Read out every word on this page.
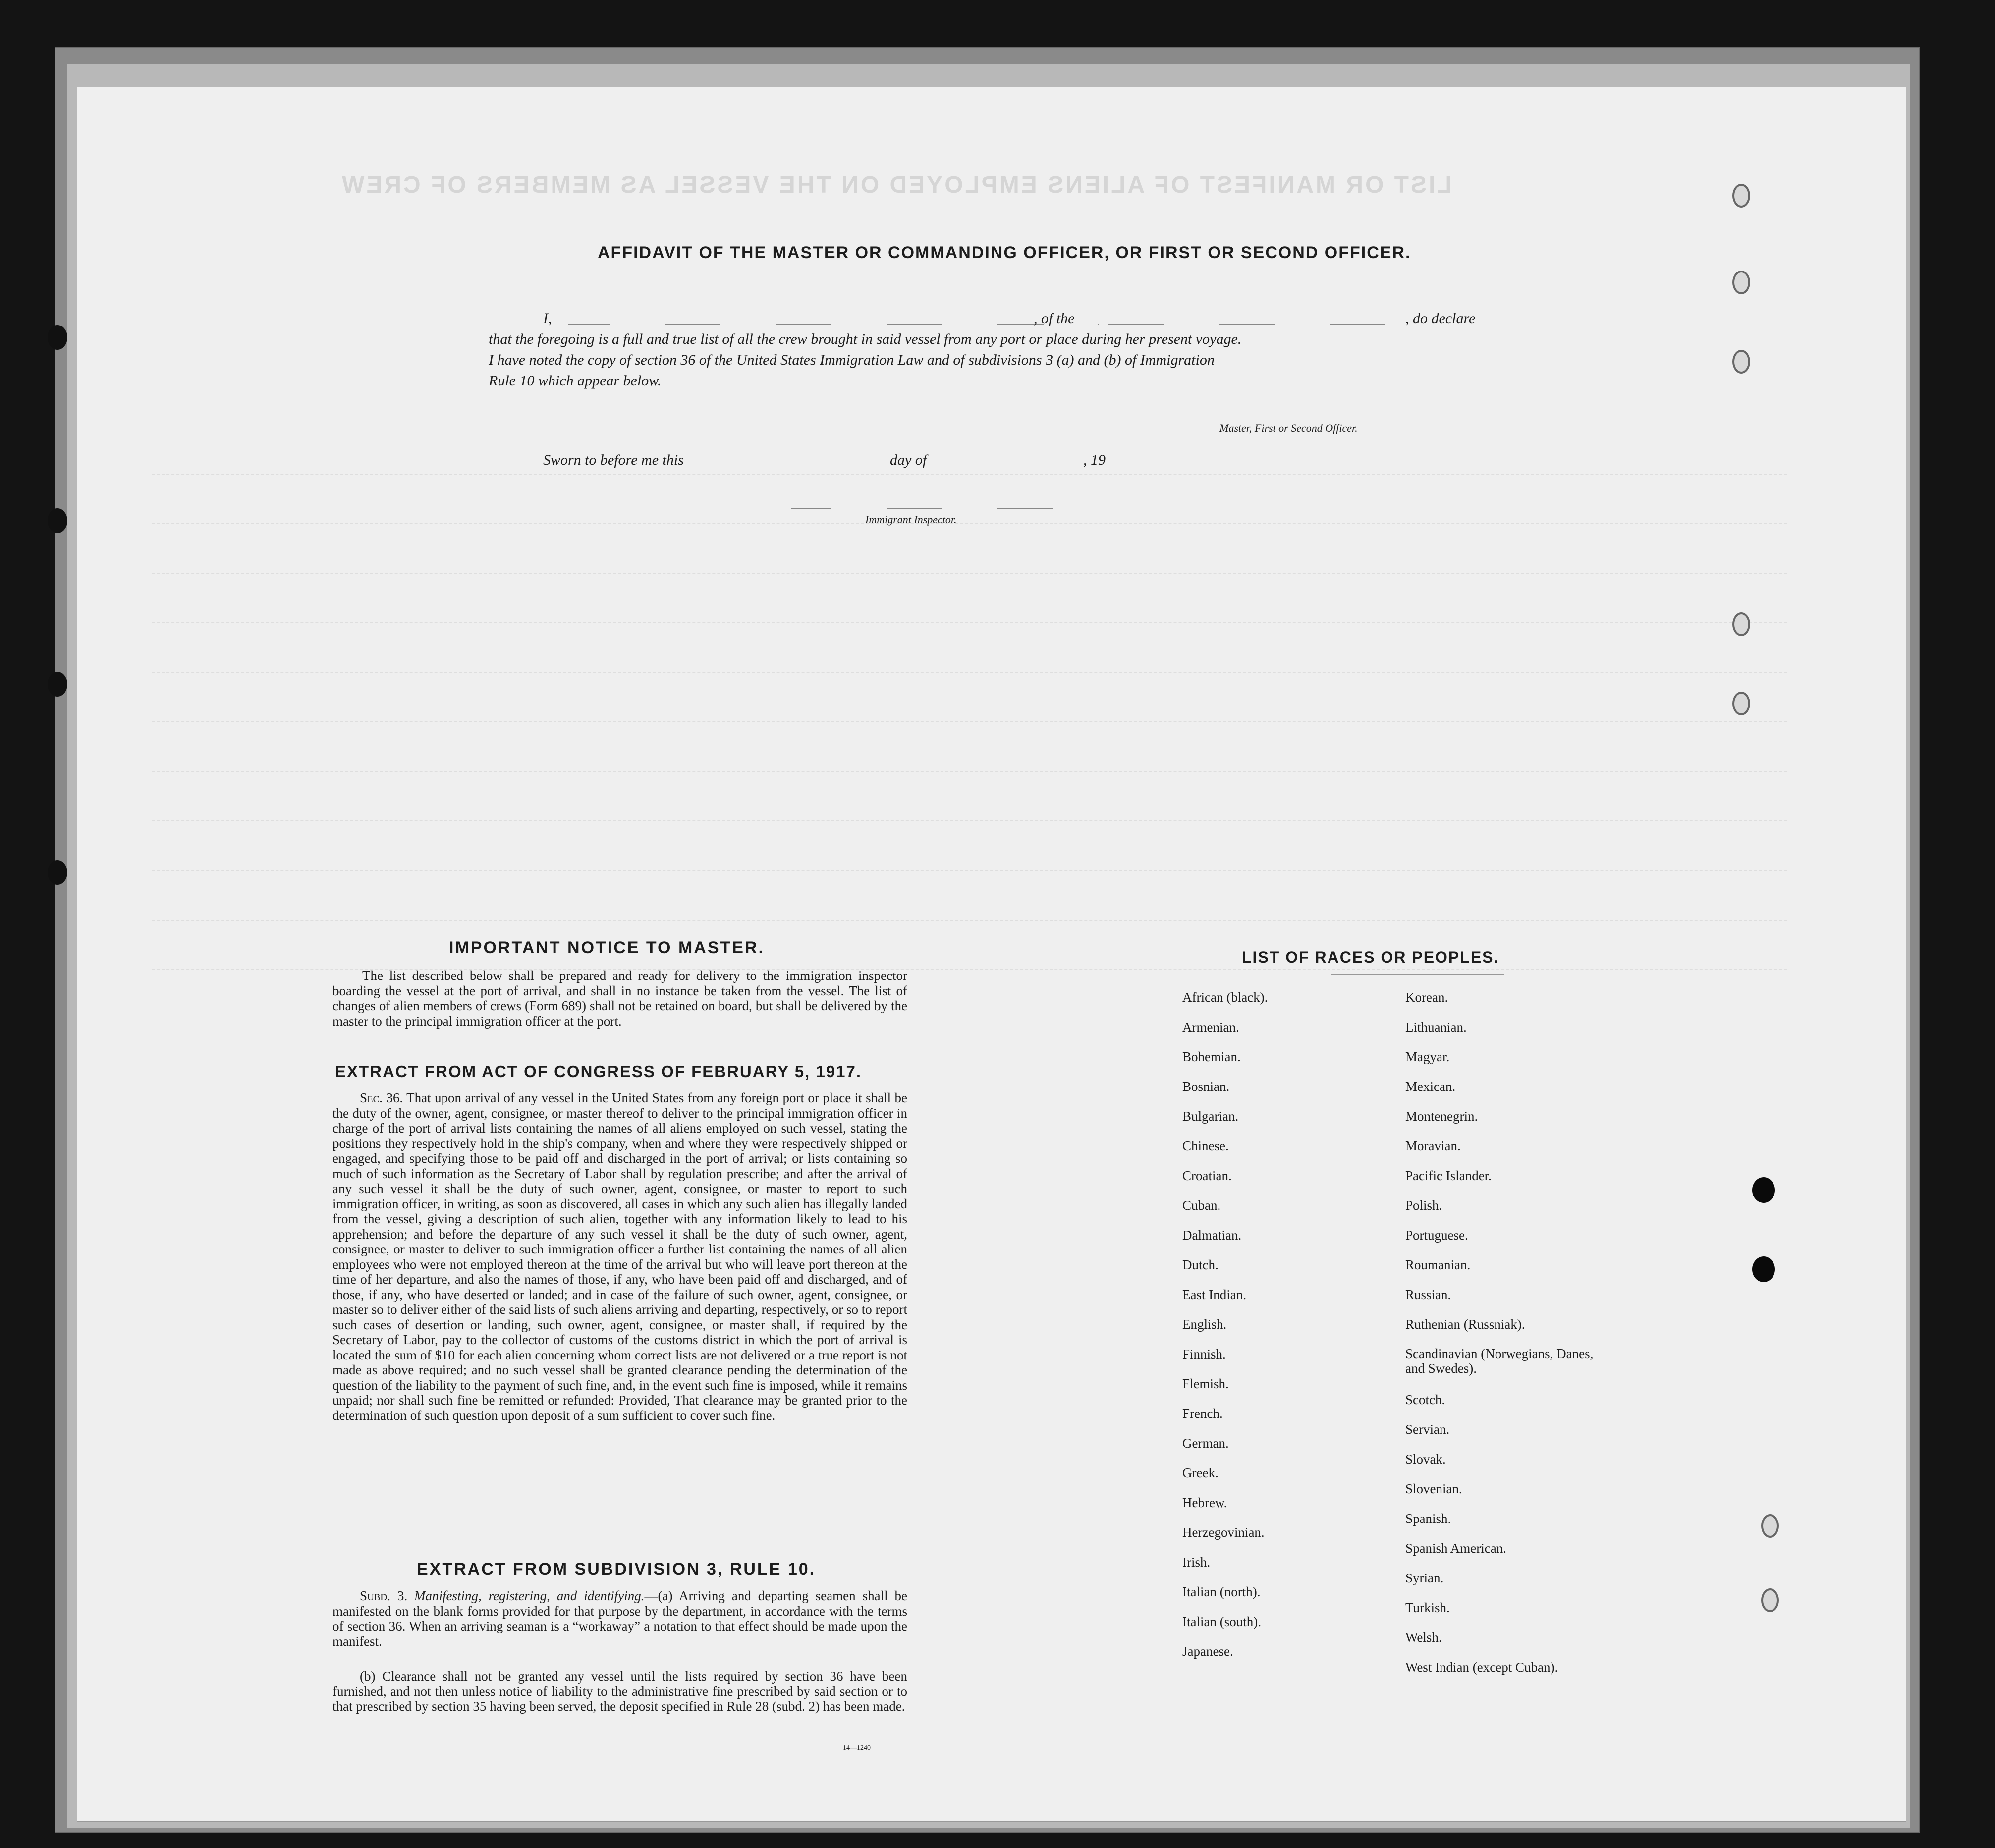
LIST OR MANIFEST OF ALIENS EMPLOYED ON THE VESSEL AS MEMBERS OF CREW
AFFIDAVIT OF THE MASTER OR COMMANDING OFFICER, OR FIRST OR SECOND OFFICER.
I,	, of the	, do declare
that the foregoing is a full and true list of all the crew brought in said vessel from any port or place during her present voyage.
I have noted the copy of section 36 of the United States Immigration Law and of subdivisions 3 (a) and (b) of Immigration
Rule 10 which appear below.
Master, First or Second Officer.
Sworn to before me this	day of	, 19
Immigrant Inspector.
IMPORTANT NOTICE TO MASTER.
The list described below shall be prepared and ready for delivery to the immigration inspector boarding the vessel at the port of arrival, and shall in no instance be taken from the vessel. The list of changes of alien members of crews (Form 689) shall not be retained on board, but shall be delivered by the master to the principal immigration officer at the port.
EXTRACT FROM ACT OF CONGRESS OF FEBRUARY 5, 1917.
Sec. 36. That upon arrival of any vessel in the United States from any foreign port or place it shall be the duty of the owner, agent, consignee, or master thereof to deliver to the principal immigration officer in charge of the port of arrival lists containing the names of all aliens employed on such vessel, stating the positions they respectively hold in the ship's company, when and where they were respectively shipped or engaged, and specifying those to be paid off and discharged in the port of arrival; or lists containing so much of such information as the Secretary of Labor shall by regulation prescribe; and after the arrival of any such vessel it shall be the duty of such owner, agent, consignee, or master to report to such immigration officer, in writing, as soon as discovered, all cases in which any such alien has illegally landed from the vessel, giving a description of such alien, together with any information likely to lead to his apprehension; and before the departure of any such vessel it shall be the duty of such owner, agent, consignee, or master to deliver to such immigration officer a further list containing the names of all alien employees who were not employed thereon at the time of the arrival but who will leave port thereon at the time of her departure, and also the names of those, if any, who have been paid off and discharged, and of those, if any, who have deserted or landed; and in case of the failure of such owner, agent, consignee, or master so to deliver either of the said lists of such aliens arriving and departing, respectively, or so to report such cases of desertion or landing, such owner, agent, consignee, or master shall, if required by the Secretary of Labor, pay to the collector of customs of the customs district in which the port of arrival is located the sum of $10 for each alien concerning whom correct lists are not delivered or a true report is not made as above required; and no such vessel shall be granted clearance pending the determination of the question of the liability to the payment of such fine, and, in the event such fine is imposed, while it remains unpaid; nor shall such fine be remitted or refunded: Provided, That clearance may be granted prior to the determination of such question upon deposit of a sum sufficient to cover such fine.
EXTRACT FROM SUBDIVISION 3, RULE 10.
Subd. 3. Manifesting, registering, and identifying.—(a) Arriving and departing seamen shall be manifested on the blank forms provided for that purpose by the department, in accordance with the terms of section 36. When an arriving seaman is a “workaway” a notation to that effect should be made upon the manifest.
(b) Clearance shall not be granted any vessel until the lists required by section 36 have been furnished, and not then unless notice of liability to the administrative fine prescribed by said section or to that prescribed by section 35 having been served, the deposit specified in Rule 28 (subd. 2) has been made.
14—1240
LIST OF RACES OR PEOPLES.
African (black).
Armenian.
Bohemian.
Bosnian.
Bulgarian.
Chinese.
Croatian.
Cuban.
Dalmatian.
Dutch.
East Indian.
English.
Finnish.
Flemish.
French.
German.
Greek.
Hebrew.
Herzegovinian.
Irish.
Italian (north).
Italian (south).
Japanese.
Korean.
Lithuanian.
Magyar.
Mexican.
Montenegrin.
Moravian.
Pacific Islander.
Polish.
Portuguese.
Roumanian.
Russian.
Ruthenian (Russniak).
Scandinavian (Norwegians, Danes, and Swedes).
Scotch.
Servian.
Slovak.
Slovenian.
Spanish.
Spanish American.
Syrian.
Turkish.
Welsh.
West Indian (except Cuban).
